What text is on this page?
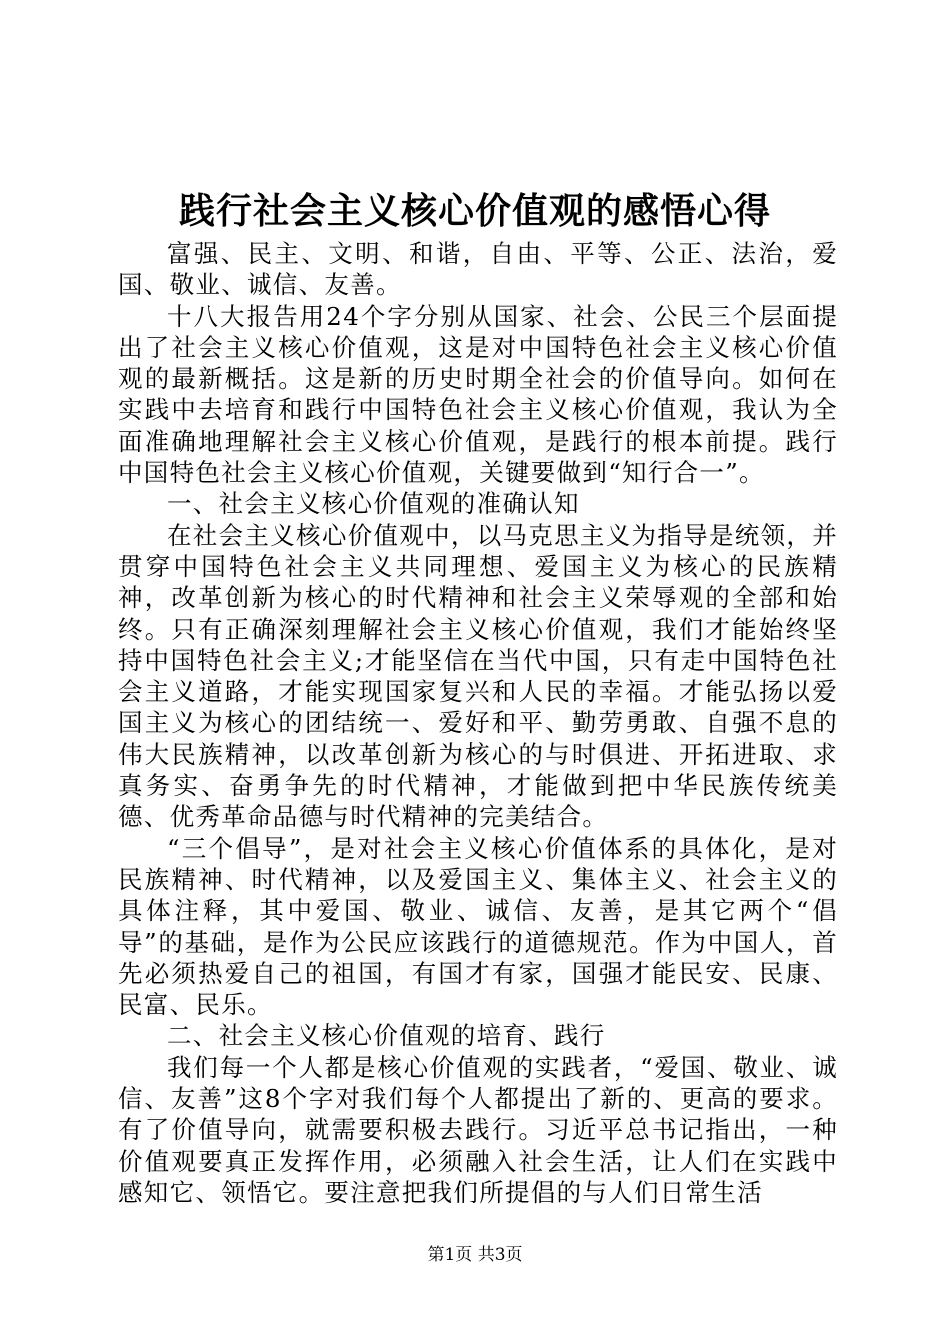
践行社会主义核心价值观的感悟心得

富强、民主、文明、和谐，自由、平等、公正、法治，爱国、敬业、诚信、友善。

十八大报告用24个字分别从国家、社会、公民三个层面提出了社会主义核心价值观，这是对中国特色社会主义核心价值观的最新概括。这是新的历史时期全社会的价值导向。如何在实践中去培育和践行中国特色社会主义核心价值观，我认为全面准确地理解社会主义核心价值观，是践行的根本前提。践行中国特色社会主义核心价值观，关键要做到“知行合一”。

一、社会主义核心价值观的准确认知

在社会主义核心价值观中，以马克思主义为指导是统领，并贯穿中国特色社会主义共同理想、爱国主义为核心的民族精神，改革创新为核心的时代精神和社会主义荣辱观的全部和始终。只有正确深刻理解社会主义核心价值观，我们才能始终坚持中国特色社会主义;才能坚信在当代中国，只有走中国特色社会主义道路，才能实现国家复兴和人民的幸福。才能弘扬以爱国主义为核心的团结统一、爱好和平、勤劳勇敢、自强不息的伟大民族精神，以改革创新为核心的与时俱进、开拓进取、求真务实、奋勇争先的时代精神，才能做到把中华民族传统美德、优秀革命品德与时代精神的完美结合。

“三个倡导”，是对社会主义核心价值体系的具体化，是对民族精神、时代精神，以及爱国主义、集体主义、社会主义的具体注释，其中爱国、敬业、诚信、友善，是其它两个“倡导”的基础，是作为公民应该践行的道德规范。作为中国人，首先必须热爱自己的祖国，有国才有家，国强才能民安、民康、民富、民乐。

二、社会主义核心价值观的培育、践行

我们每一个人都是核心价值观的实践者，“爱国、敬业、诚信、友善”这8个字对我们每个人都提出了新的、更高的要求。有了价值导向，就需要积极去践行。习近平总书记指出，一种价值观要真正发挥作用，必须融入社会生活，让人们在实践中感知它、领悟它。要注意把我们所提倡的与人们日常生活

第1页 共3页
